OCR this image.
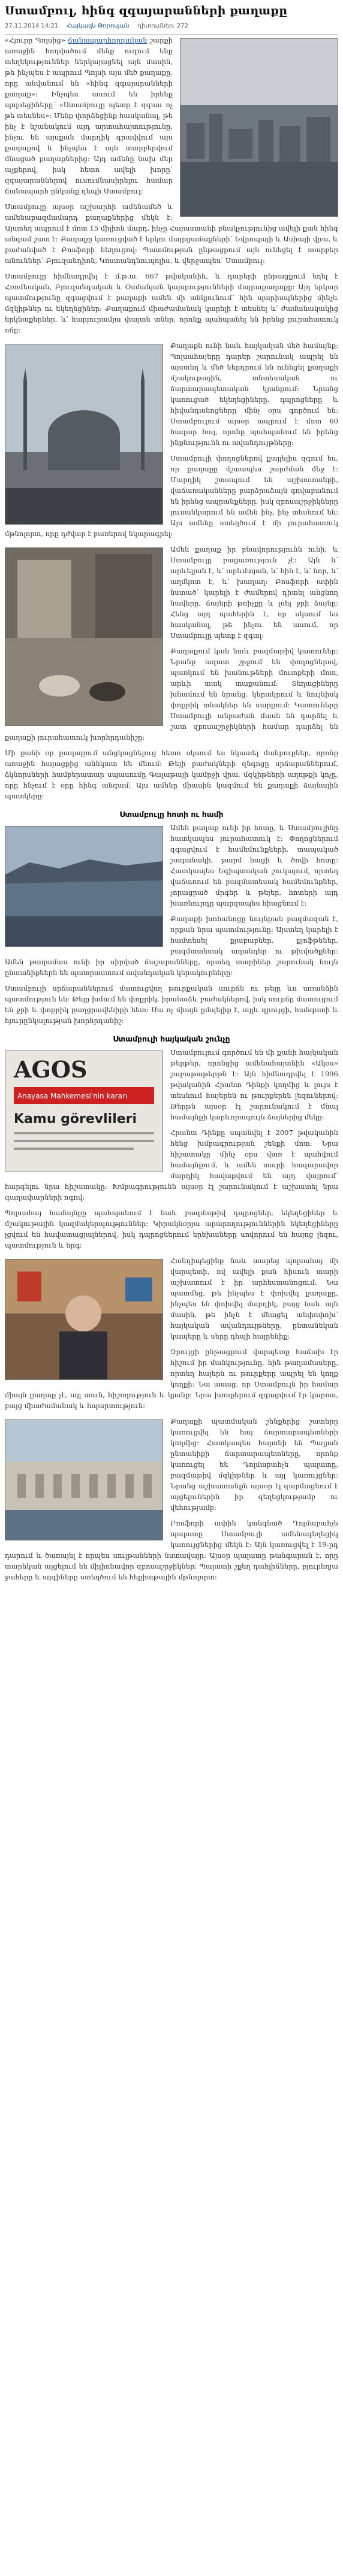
Ստամբուլ, հինգ զգայարանների քաղաքը
27.11.2014 14:21 Հայկազն Թորոսյան դիտումներ: 272

«Հյուրը Պոլսից» ճանապարհորդական շարքի առաջին հոդվածում մենք ուզում ենք տեղեկություններ ներկայացնել այն մասին, թե ինչպես է ապրում Պոլսի այս մեծ քաղաքը, որը անվանում են «հինգ զգայարանների քաղաք»։ Ինչպես ասում են իրենք պոլսեցիները՝ «Ստամբուլը պետք է զգաս ոչ թե տեսնես»։ Մենք փորձեցինք հասկանալ, թե ինչ է նշանակում այդ արտահայտությունը, ինչու են այսքան մարդիկ գրավվում այս քաղաքով և ինչպես է այն տարբերվում մնացած քաղաքներից։ Այդ ամենը նախ մեր աչքերով, իսկ հետո ավելի խորը՝ զգայարաններով ուսումնասիրելու համար ճանապարհ ընկանք դեպի Ստամբուլ։

Ստամբուլը այսօր աշխարհի ամենամեծ և ամենաբազմամարդ քաղաքներից մեկն է։ Այստեղ ապրում է մոտ 15 միլիոն մարդ, ինչը Հայաստանի բնակչությունից ավելի քան հինգ անգամ շատ է։ Քաղաքը կառուցված է երկու մայրցամաքների՝ Եվրոպայի և Ասիայի վրա, և բաժանված է Բոսֆորի նեղուցով։ Պատմության ընթացքում այն ունեցել է տարբեր անուններ՝ Բյուզանդիոն, Կոստանդնուպոլիս, և վերջապես՝ Ստամբուլ։

Ստամբուլը հիմնադրվել է մ.թ.ա. 667 թվականին, և դարերի ընթացքում եղել է Հռոմեական, Բյուզանդական և Օսմանյան կայսրությունների մայրաքաղաքը։ Այդ երկար պատմությունը զգացվում է քաղաքի ամեն մի անկյունում՝ հին պարիսպներից մինչև մզկիթներ ու եկեղեցիներ։ Քաղաքում միաժամանակ կարելի է տեսնել և՛ ժամանակակից երկնաքերներ, և՛ հարյուրամյա փայտե տներ, որոնք պահպանել են իրենց յուրահատուկ ոճը։

Քաղաքն ունի նաև հայկական մեծ համայնք։ Պոլսահայերը դարեր շարունակ ապրել են այստեղ և մեծ ներդրում են ունեցել քաղաքի մշակութային, տնտեսական ու ճարտարապետական կյանքում։ Նրանց կառուցած եկեղեցիները, դպրոցները և հիվանդանոցները մինչ օրս գործում են։ Ստամբուլում այսօր ապրում է մոտ 60 հազար հայ, որոնք պահպանում են իրենց ինքնությունն ու ավանդույթները։

Ստամբուլի փողոցներով քայլելիս զգում ես, որ քաղաքը մշտապես շարժման մեջ է։ Մարդիկ շտապում են աշխատանքի, վաճառականները բարձրաձայն գովաբանում են իրենց ապրանքները, իսկ զբոսաշրջիկները լուսանկարում են ամեն ինչ, ինչ տեսնում են։ Այս ամենը ստեղծում է մի յուրահատուկ մթնոլորտ, որը դժվար է բառերով նկարագրել։

Ամեն քաղաք իր բնավորությունն ունի, և Ստամբուլը բացառություն չէ։ Այն և՛ արևելյան է, և՛ արևմտյան, և՛ հին է, և՛ նոր, և՛ աղմկոտ է, և՛ խաղաղ։ Բոսֆորի ափին նստած՝ կարելի է ժամերով դիտել անցնող նավերը, ճայերի թռիչքը և լսել ջրի ձայնը։ Հենց այդ պահերին է, որ սկսում ես հասկանալ, թե ինչու են ասում, որ Ստամբուլը պետք է զգալ։

Քաղաքում կան նաև բազմաթիվ կատուներ։ Նրանք ազատ շրջում են փողոցներով, պառկում են խանութների մուտքերի մոտ, արևի տակ տաքանում։ Տեղացիները խնամում են նրանց, կերակրում և նույնիսկ փոքրիկ տնակներ են սարքում։ Կատուները Ստամբուլի անբաժան մասն են դարձել և շատ զբոսաշրջիկների համար դարձել են քաղաքի յուրահատուկ խորհրդանիշը։

Մի քանի օր քաղաքում անցկացնելուց հետո սկսում ես նկատել մանրուքներ, որոնք առաջին հայացքից աննկատ են մնում։ Թեյի բաժակների զնգոցը սրճարաններում, ձկնորսների համբերատար սպասումը Գալաթայի կամրջի վրա, մզկիթների աղոթքի կոչը, որը հնչում է օրը հինգ անգամ։ Այս ամենը միասին կազմում են քաղաքի ձայնային պատկերը։

Ստամբուլը հոտի ու համի

Ամեն քաղաք ունի իր հոտը, և Ստամբուլինը հատկապես յուրահատուկ է։ Փողոցներում զգացվում է համեմունքների, տապակած շագանակի, թարմ հացի և ծովի հոտը։ Հատկապես Եգիպտական շուկայում, որտեղ վաճառում են բազմատեսակ համեմունքներ, չորացրած մրգեր և թեյեր, հոտերի այդ խառնուրդը պարզապես հիացնում է։

Քաղաքի խոհանոցը նույնքան բազմազան է, որքան նրա պատմությունը։ Այստեղ կարելի է համտեսել քյաբաբներ, քյոֆթեներ, բազմատեսակ աղանդեր ու թխվածքներ։ Ամեն թաղամաս ունի իր սիրված ճաշարանները, որտեղ տարիներ շարունակ նույն ընտանիքներն են պատրաստում ավանդական կերակուրները։

Ստամբուլի սրճարաններում մատուցվող թուրքական սուրճն ու թեյը ևս առանձին պատմություն են։ Թեյը խմում են փոքրիկ, իրանաձև բաժակներով, իսկ սուրճը մատուցում են ջրի և փոքրիկ քաղցրավենիքի հետ։ Սա ոչ միայն ըմպելիք է, այլև զրույցի, հանգստի և հյուրընկալության խորհրդանիշ։

Ստամբուլի հայկական շունչը
AGOS
Anayasa Mahkemesi'nin kararı
Kamu görevlileri

Ստամբուլում գործում են մի քանի հայկական թերթեր, որոնցից ամենահայտնին «Ակօս» շաբաթաթերթն է։ Այն հիմնադրվել է 1996 թվականին Հրանտ Դինքի կողմից և լույս է տեսնում հայերեն ու թուրքերեն լեզուներով։ Թերթն այսօր էլ շարունակում է մնալ համայնքի կարևորագույն ձայներից մեկը։

Հրանտ Դինքը սպանվել է 2007 թվականին հենց խմբագրության շենքի մոտ։ Նրա հիշատակը մինչ օրս վառ է պահվում համայնքում, և ամեն տարի հազարավոր մարդիկ հավաքվում են այդ վայրում՝ հարգելու նրա հիշատակը։ Խմբագրությունն այսօր էլ շարունակում է աշխատել նրա գաղափարների ոգով։

Պոլսահայ համայնքը պահպանում է նաև բազմաթիվ դպրոցներ, եկեղեցիներ և մշակութային կազմակերպություններ։ Կիրակնօրյա արարողություններին եկեղեցիները լցվում են հավատացյալներով, իսկ դպրոցներում երեխաները սովորում են հայոց լեզու, պատմություն և երգ։

Հանդիպեցինք նաև տարեց պոլսահայ մի վարպետի, ով ավելի քան հիսուն տարի աշխատում է իր արհեստանոցում։ Նա պատմեց, թե ինչպես է փոխվել քաղաքը, ինչպես են փոխվել մարդիկ, բայց նաև այն մասին, թե ինչն է մնացել անփոփոխ՝ հայկական ավանդույթները, ընտանեկան կապերը և սերը դեպի հայրենիք։

Զրույցի ընթացքում վարպետը հաճախ էր հիշում իր մանկությունը, հին թաղամասերը, որտեղ հայերն ու թուրքերը ապրել են կողք կողքի։ Նա ասաց, որ Ստամբուլն իր համար միայն քաղաք չէ, այլ տուն, հիշողություն և կյանք։ Նրա խոսքերում զգացվում էր կարոտ, բայց միաժամանակ և հպարտություն։

Քաղաքի պատմական շենքերից շատերը կառուցվել են հայ ճարտարապետների կողմից։ Հատկապես հայտնի են Պալյան ընտանիքի ճարտարապետները, որոնք կառուցել են Դոլմաբահչե պալատը, բազմաթիվ մզկիթներ և այլ կառույցներ։ Նրանց աշխատանքն այսօր էլ զարմացնում է այցելուներին իր գեղեցկությամբ ու վեհությամբ։

Բոսֆորի ափին կանգնած Դոլմաբահչե պալատը Ստամբուլի ամենագեղեցիկ կառույցներից մեկն է։ Այն կառուցվել է 19-րդ դարում և ծառայել է որպես սուլթանների նստավայր։ Այսօր պալատը թանգարան է, որը տարեկան այցելում են միլիոնավոր զբոսաշրջիկներ։ Պալատի շքեղ դահլիճները, բյուրեղյա ջահերը և այգիները ստեղծում են հեքիաթային մթնոլորտ։
